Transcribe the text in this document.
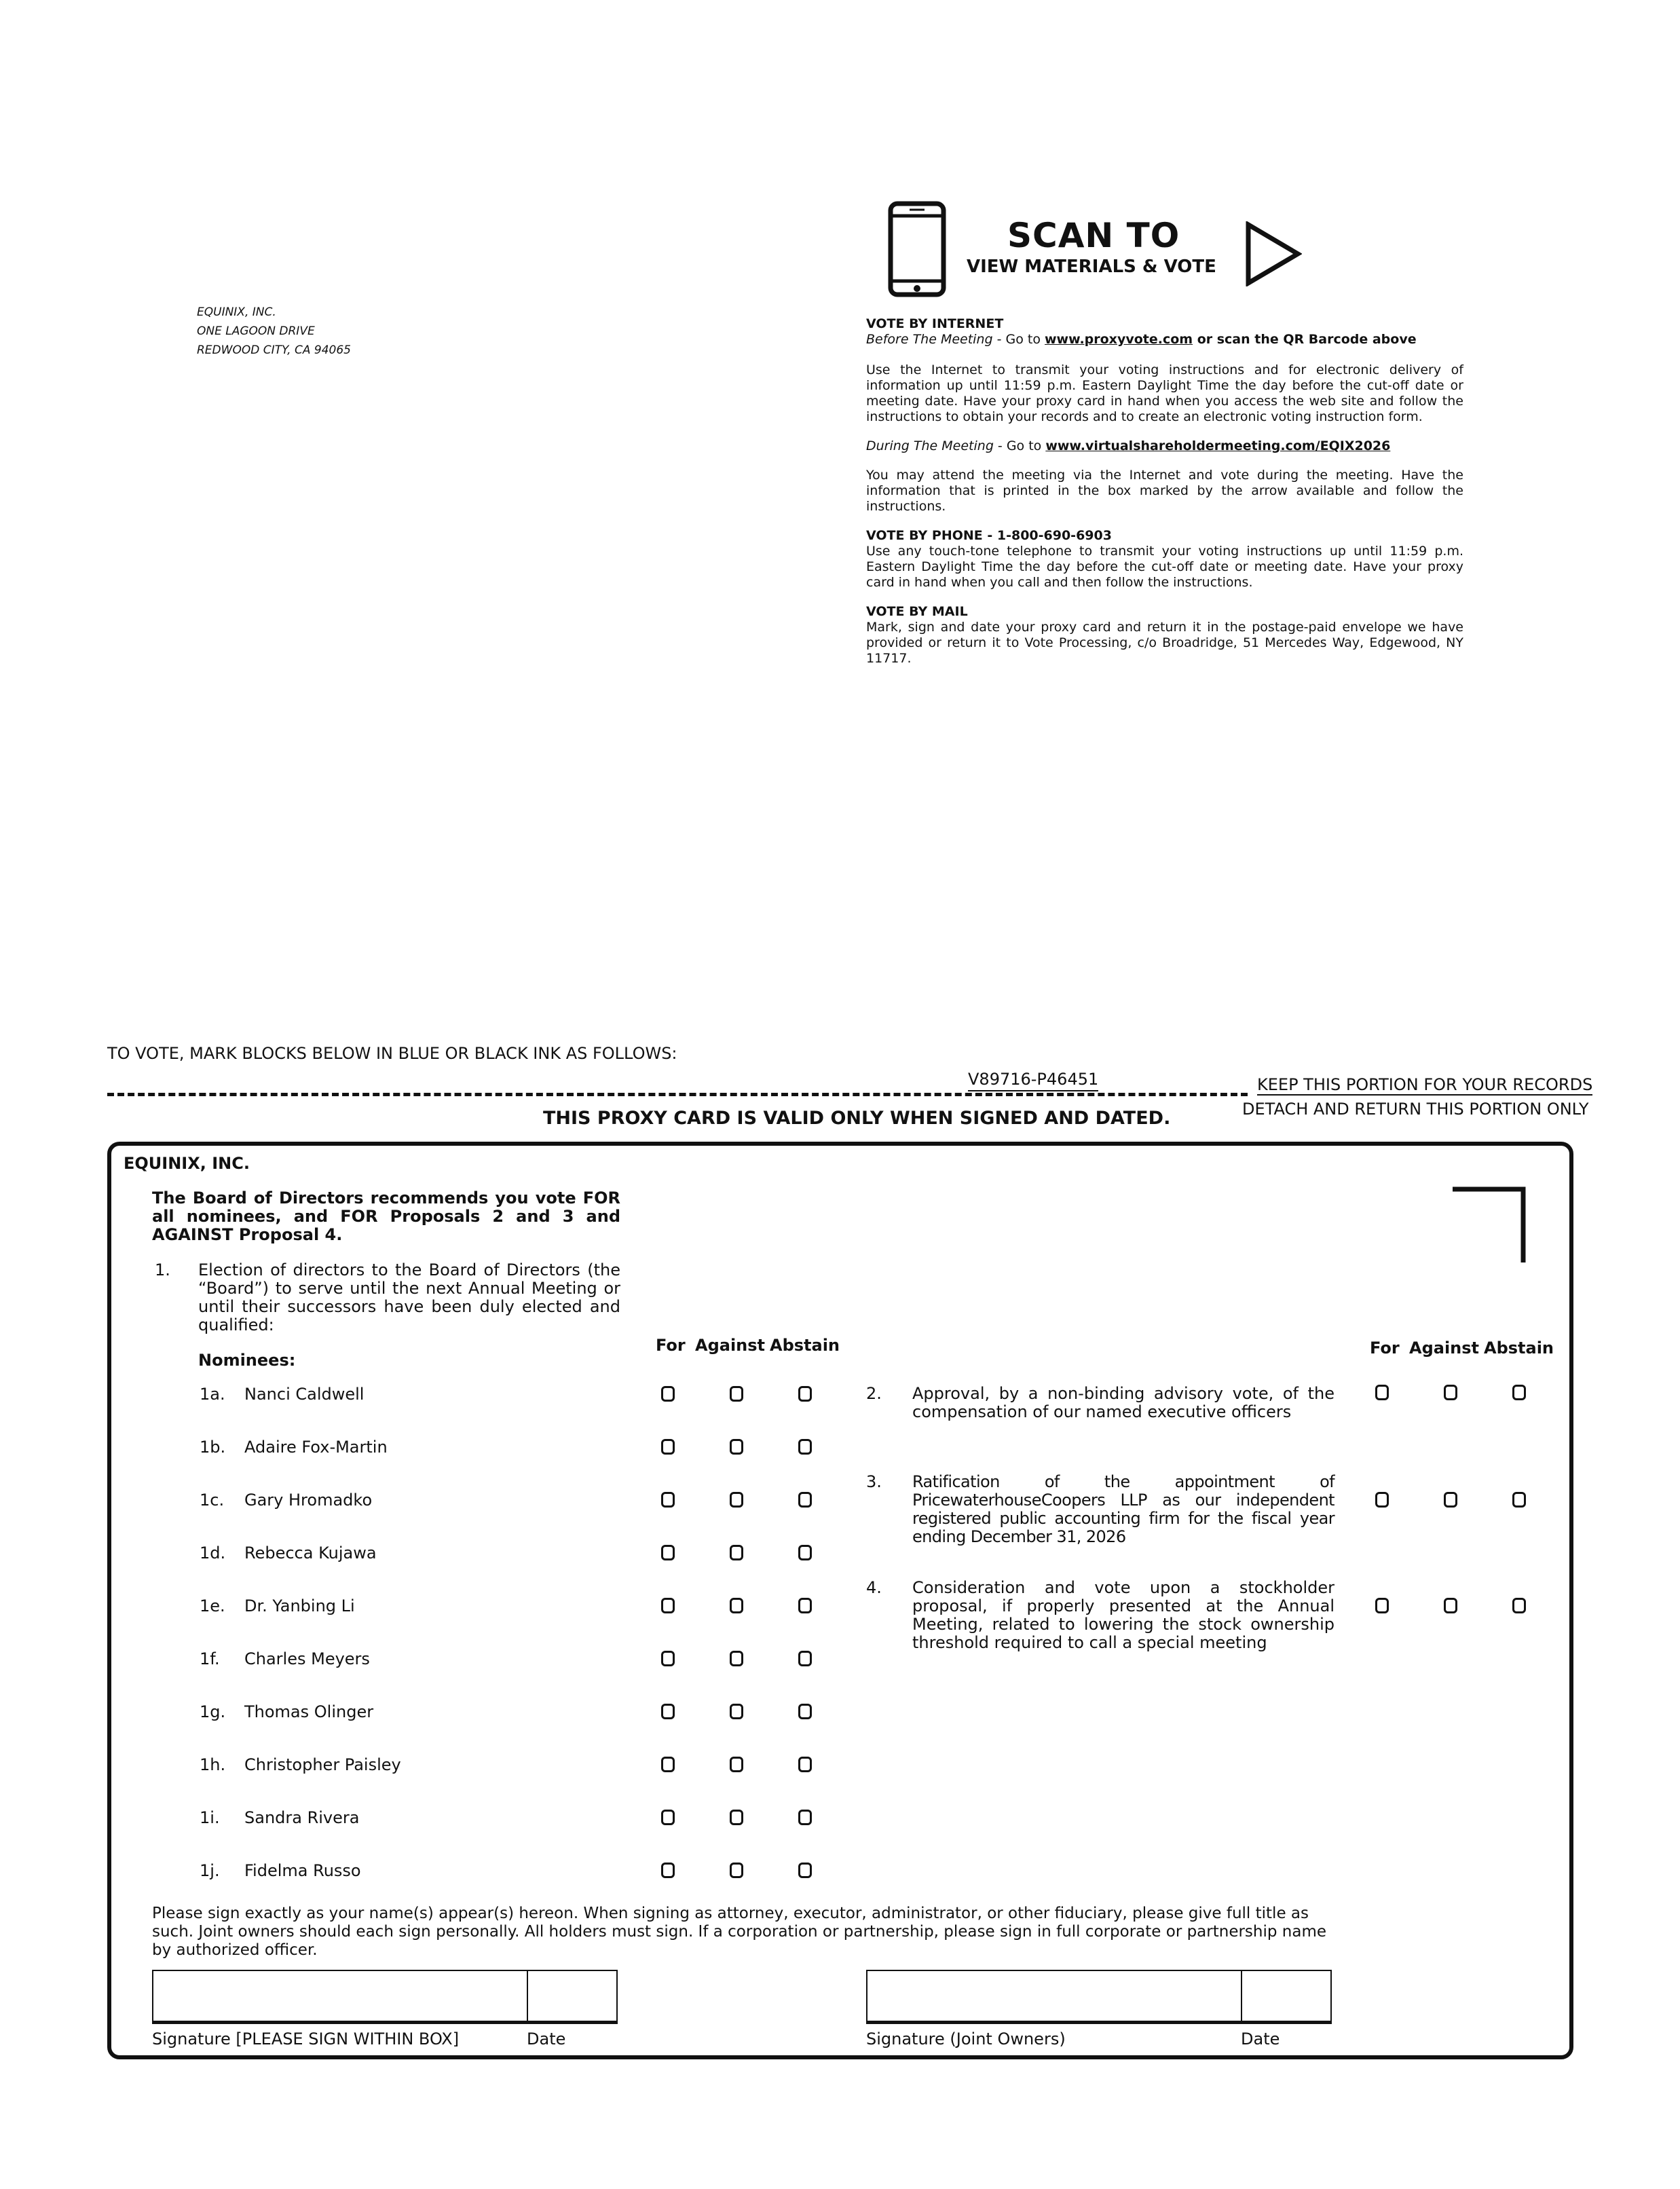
EQUINIX, INC.
ONE LAGOON DRIVE
REDWOOD CITY, CA 94065
SCAN TO
VIEW MATERIALS & VOTE
VOTE BY INTERNET

Before The Meeting - Go to www.proxyvote.com or scan the QR Barcode above

Use the Internet to transmit your voting instructions and for electronic delivery of information up until 11:59 p.m. Eastern Daylight Time the day before the cut-off date or meeting date. Have your proxy card in hand when you access the web site and follow the instructions to obtain your records and to create an electronic voting instruction form.

During The Meeting - Go to www.virtualshareholdermeeting.com/EQIX2026

You may attend the meeting via the Internet and vote during the meeting. Have the information that is printed in the box marked by the arrow available and follow the instructions.

VOTE BY PHONE - 1-800-690-6903

Use any touch-tone telephone to transmit your voting instructions up until 11:59 p.m. Eastern Daylight Time the day before the cut-off date or meeting date. Have your proxy card in hand when you call and then follow the instructions.

VOTE BY MAIL

Mark, sign and date your proxy card and return it in the postage-paid envelope we have provided or return it to Vote Processing, c/o Broadridge, 51 Mercedes Way, Edgewood, NY 11717.

TO VOTE, MARK BLOCKS BELOW IN BLUE OR BLACK INK AS FOLLOWS:
V89716-P46451	KEEP THIS PORTION FOR YOUR RECORDS
DETACH AND RETURN THIS PORTION ONLY
THIS PROXY CARD IS VALID ONLY WHEN SIGNED AND DATED.
EQUINIX, INC.
The Board of Directors recommends you vote FOR all nominees, and FOR Proposals 2 and 3 and AGAINST Proposal 4.
1. Election of directors to the Board of Directors (the “Board”) to serve until the next Annual Meeting or until their successors have been duly elected and qualified:
Nominees:
For Against Abstain	For Against Abstain
1a. Nanci Caldwell
1b. Adaire Fox-Martin
1c. Gary Hromadko
1d. Rebecca Kujawa
1e. Dr. Yanbing Li
1f. Charles Meyers
1g. Thomas Olinger
1h. Christopher Paisley
1i. Sandra Rivera
1j. Fidelma Russo
2. Approval, by a non-binding advisory vote, of the compensation of our named executive officers
3. Ratification of the appointment of PricewaterhouseCoopers LLP as our independent registered public accounting firm for the fiscal year ending December 31, 2026
4. Consideration and vote upon a stockholder proposal, if properly presented at the Annual Meeting, related to lowering the stock ownership threshold required to call a special meeting
Please sign exactly as your name(s) appear(s) hereon. When signing as attorney, executor, administrator, or other fiduciary, please give full title as such. Joint owners should each sign personally. All holders must sign. If a corporation or partnership, please sign in full corporate or partnership name by authorized officer.
Signature [PLEASE SIGN WITHIN BOX]	Date	Signature (Joint Owners)	Date
